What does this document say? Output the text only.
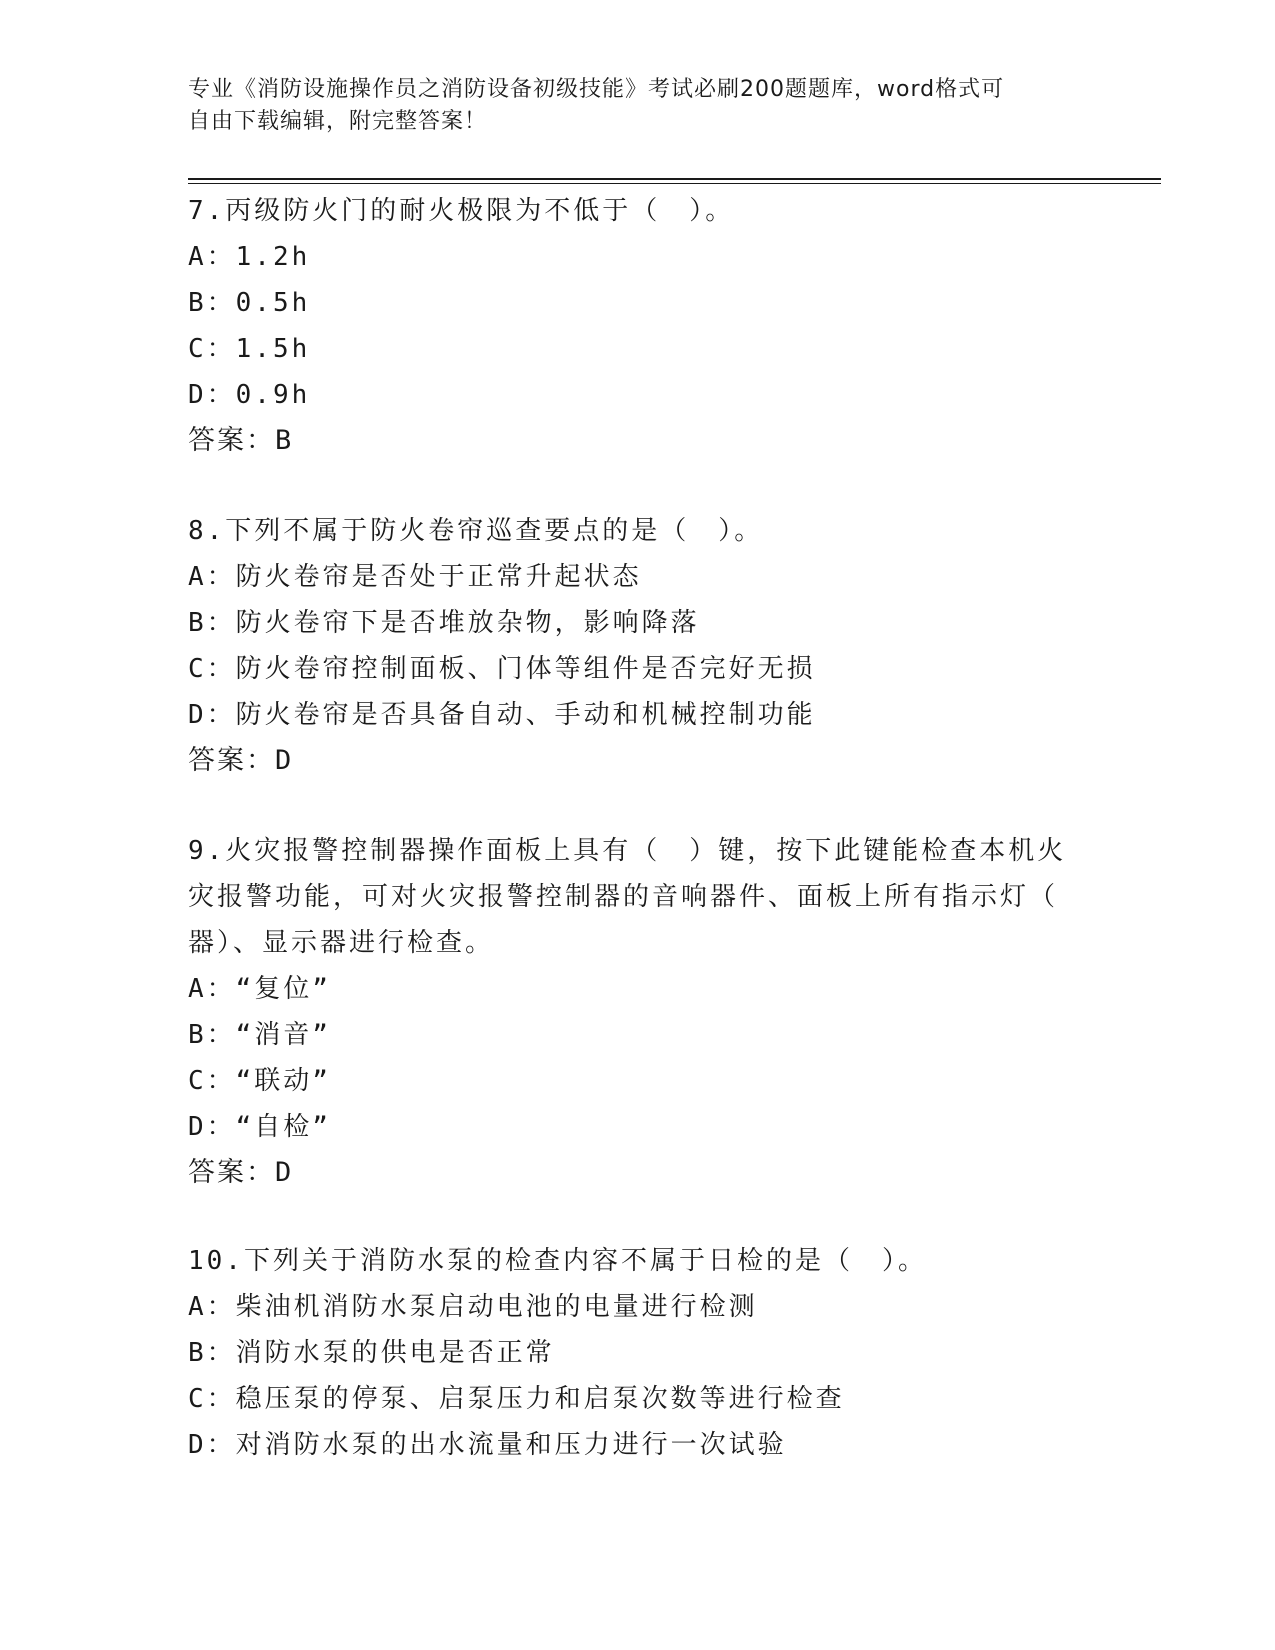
专业《消防设施操作员之消防设备初级技能》考试必刷200题题库，word格式可
自由下载编辑，附完整答案！
7.丙级防火门的耐火极限为不低于（　）。
A：1.2h
B：0.5h
C：1.5h
D：0.9h
答案：B
8.下列不属于防火卷帘巡查要点的是（　）。
A：防火卷帘是否处于正常升起状态
B：防火卷帘下是否堆放杂物，影响降落
C：防火卷帘控制面板、门体等组件是否完好无损
D：防火卷帘是否具备自动、手动和机械控制功能
答案：D
9.火灾报警控制器操作面板上具有（　）键，按下此键能检查本机火
灾报警功能，可对火灾报警控制器的音响器件、面板上所有指示灯（
器）、显示器进行检查。
A：“复位”
B：“消音”
C：“联动”
D：“自检”
答案：D
10.下列关于消防水泵的检查内容不属于日检的是（　）。
A：柴油机消防水泵启动电池的电量进行检测
B：消防水泵的供电是否正常
C：稳压泵的停泵、启泵压力和启泵次数等进行检查
D：对消防水泵的出水流量和压力进行一次试验
